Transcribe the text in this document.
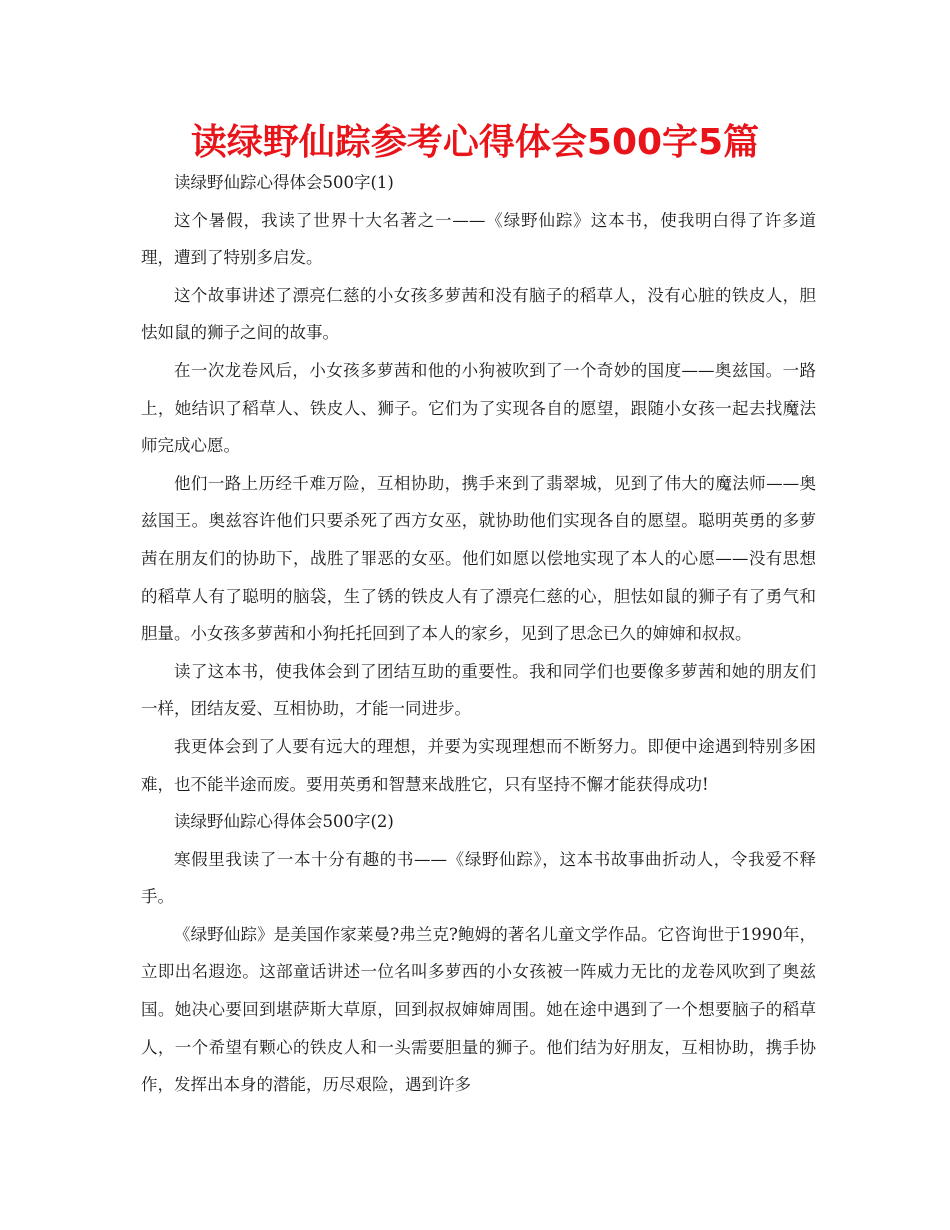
读绿野仙踪参考心得体会500字5篇

读绿野仙踪心得体会500字(1)

这个暑假，我读了世界十大名著之一——《绿野仙踪》这本书，使我明白得了许多道理，遭到了特别多启发。

这个故事讲述了漂亮仁慈的小女孩多萝茜和没有脑子的稻草人，没有心脏的铁皮人，胆怯如鼠的狮子之间的故事。

在一次龙卷风后，小女孩多萝茜和他的小狗被吹到了一个奇妙的国度——奥兹国。一路上，她结识了稻草人、铁皮人、狮子。它们为了实现各自的愿望，跟随小女孩一起去找魔法师完成心愿。

他们一路上历经千难万险，互相协助，携手来到了翡翠城，见到了伟大的魔法师——奥兹国王。奥兹容许他们只要杀死了西方女巫，就协助他们实现各自的愿望。聪明英勇的多萝茜在朋友们的协助下，战胜了罪恶的女巫。他们如愿以偿地实现了本人的心愿——没有思想的稻草人有了聪明的脑袋，生了锈的铁皮人有了漂亮仁慈的心，胆怯如鼠的狮子有了勇气和胆量。小女孩多萝茜和小狗托托回到了本人的家乡，见到了思念已久的婶婶和叔叔。

读了这本书，使我体会到了团结互助的重要性。我和同学们也要像多萝茜和她的朋友们一样，团结友爱、互相协助，才能一同进步。

我更体会到了人要有远大的理想，并要为实现理想而不断努力。即便中途遇到特别多困难，也不能半途而废。要用英勇和智慧来战胜它，只有坚持不懈才能获得成功!

读绿野仙踪心得体会500字(2)

寒假里我读了一本十分有趣的书——《绿野仙踪》，这本书故事曲折动人，令我爱不释手。

《绿野仙踪》是美国作家莱曼?弗兰克?鲍姆的著名儿童文学作品。它咨询世于1990年，立即出名遐迩。这部童话讲述一位名叫多萝西的小女孩被一阵威力无比的龙卷风吹到了奥兹国。她决心要回到堪萨斯大草原，回到叔叔婶婶周围。她在途中遇到了一个想要脑子的稻草人，一个希望有颗心的铁皮人和一头需要胆量的狮子。他们结为好朋友，互相协助，携手协作，发挥出本身的潜能，历尽艰险，遇到许多
